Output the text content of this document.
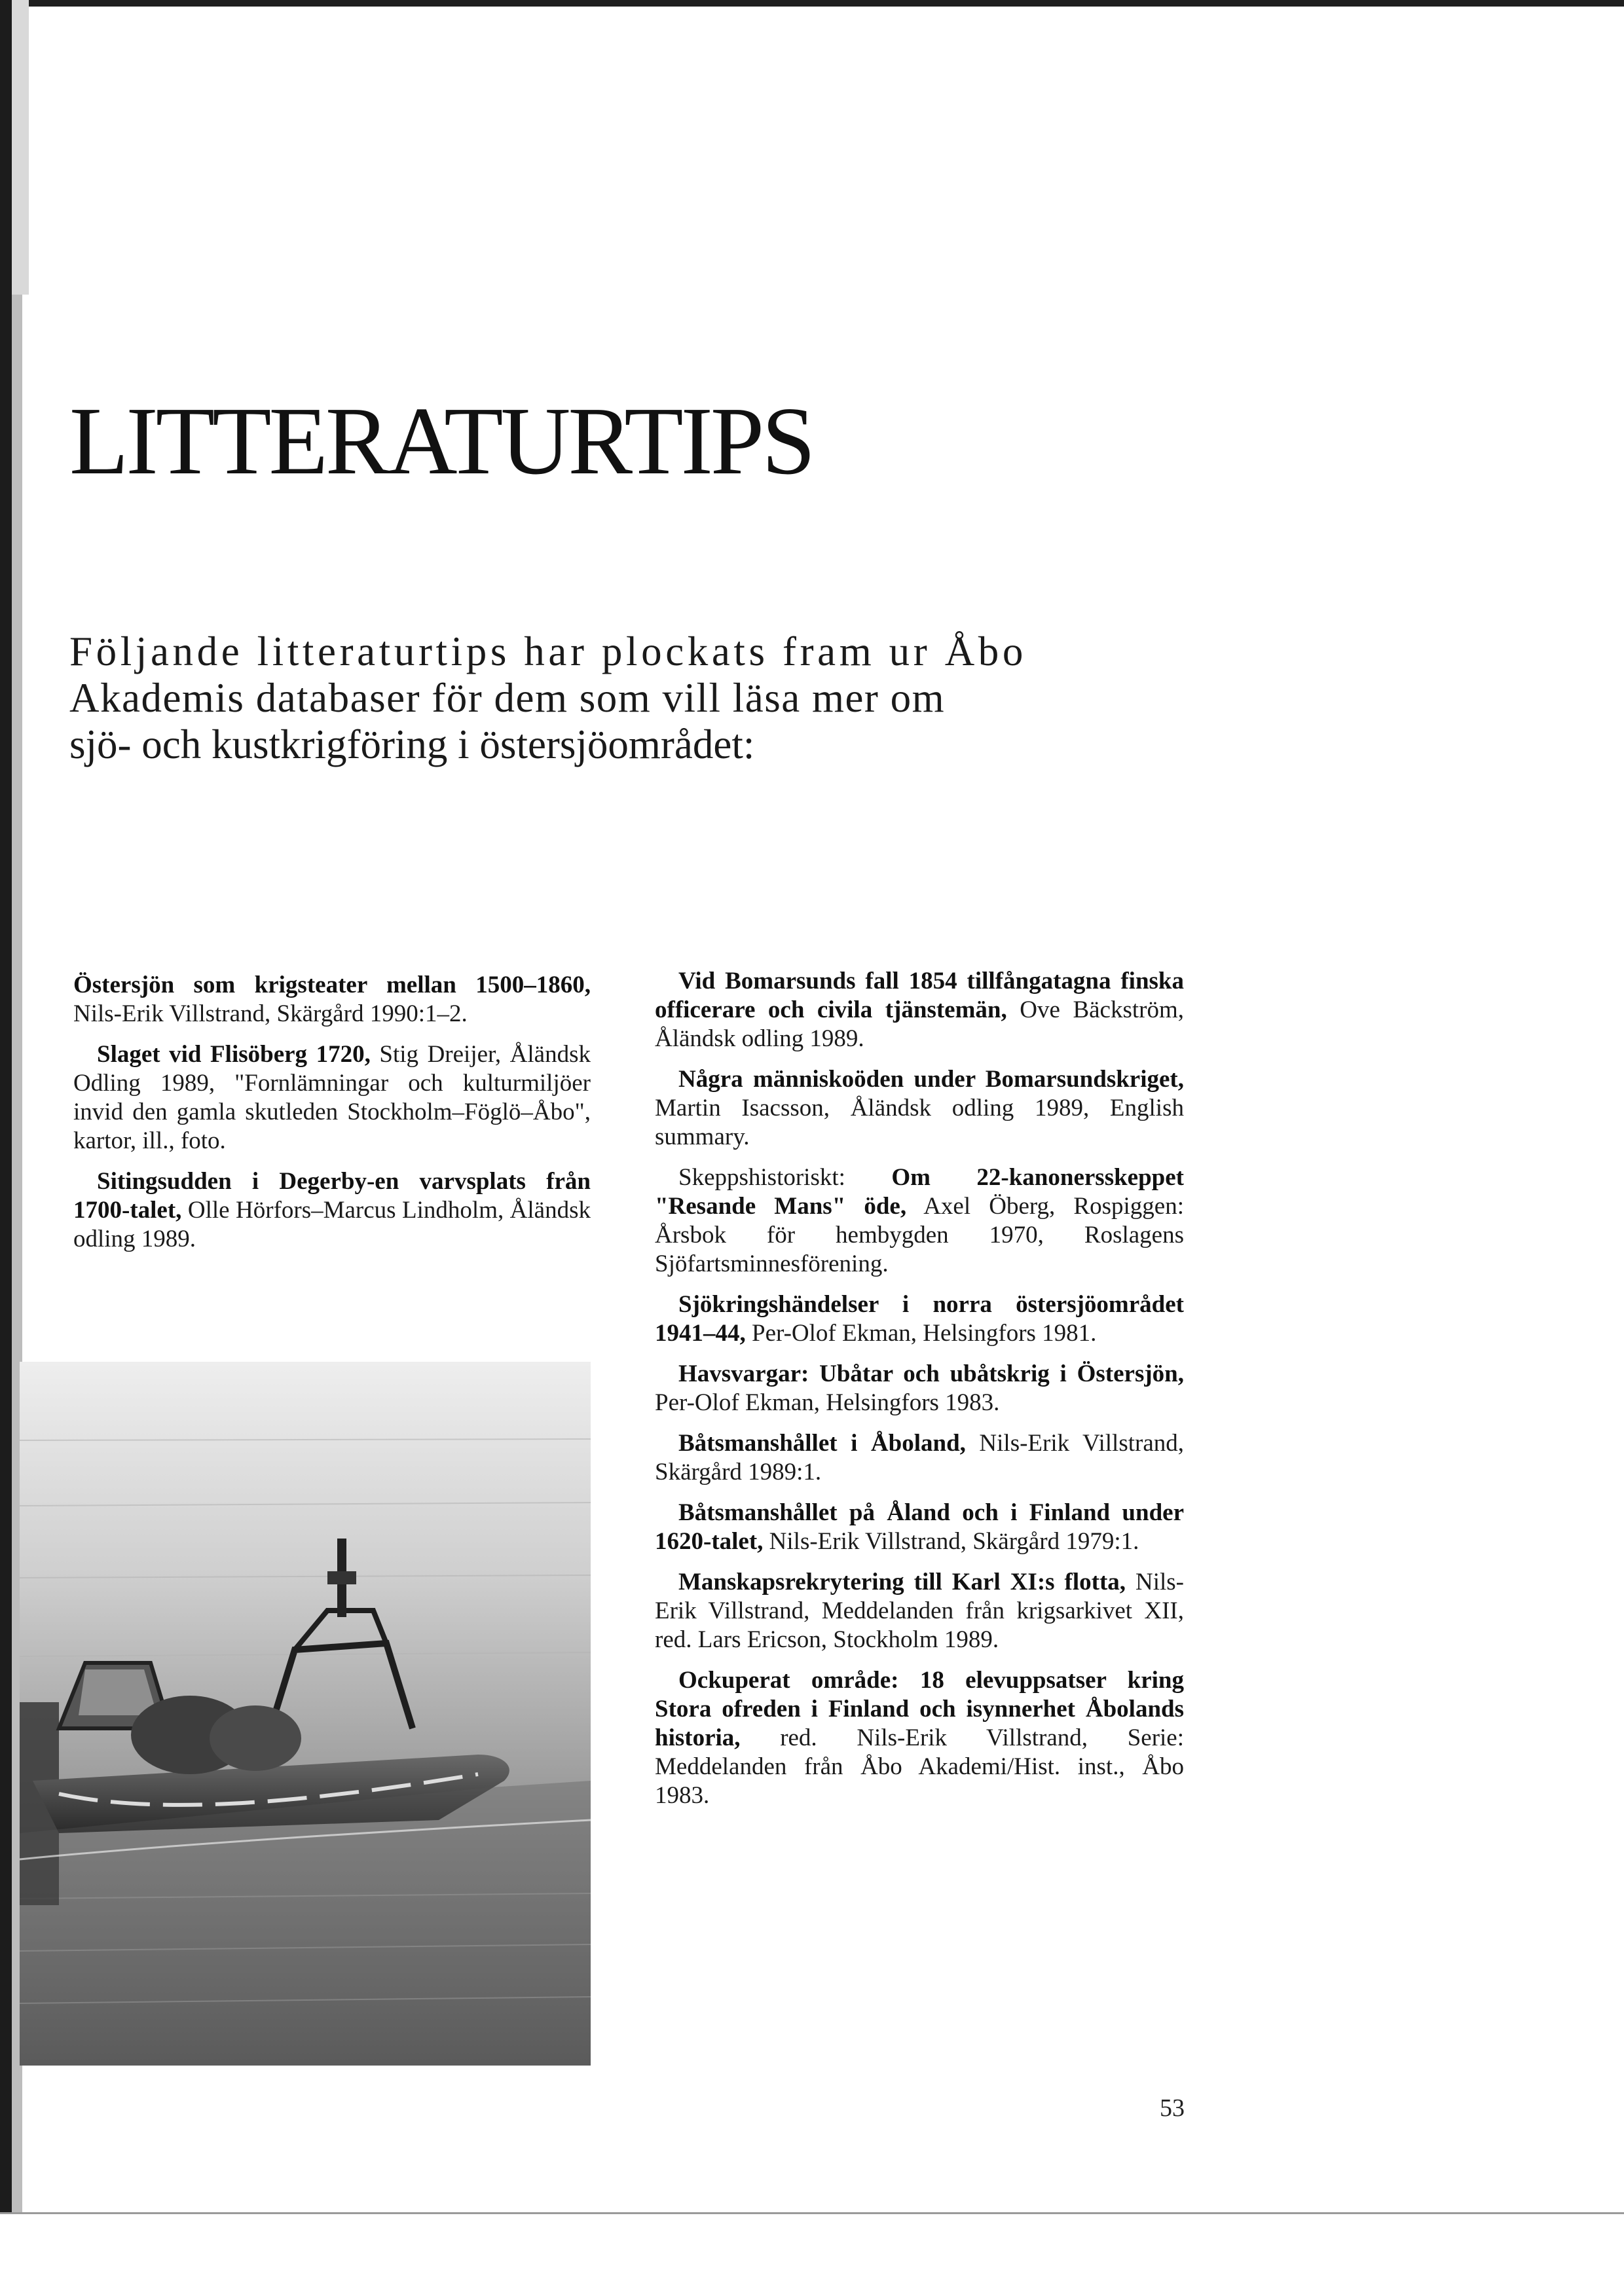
LITTERATURTIPS
Följande litteraturtips har plockats fram ur Åbo
Akademis databaser för dem som vill läsa mer om
sjö- och kustkrigföring i östersjöområdet:

Östersjön som krigsteater mellan 1500–1860, Nils-Erik Villstrand, Skärgård 1990:1–2.

Slaget vid Flisöberg 1720, Stig Dreijer, Åländsk Odling 1989, "Fornlämningar och kulturmiljöer invid den gamla skutleden Stockholm–Föglö–Åbo", kartor, ill., foto.

Sitingsudden i Degerby-en varvsplats från 1700-talet, Olle Hörfors–Marcus Lindholm, Åländsk odling 1989.

Vid Bomarsunds fall 1854 tillfångatagna finska officerare och civila tjänstemän, Ove Bäckström, Åländsk odling 1989.

Några människoöden under Bomarsundskriget, Martin Isacsson, Åländsk odling 1989, English summary.

Skeppshistoriskt: Om 22-kanonersskeppet "Resande Mans" öde, Axel Öberg, Rospiggen: Årsbok för hembygden 1970, Roslagens Sjöfartsminnesförening.

Sjökringshändelser i norra östersjöområdet 1941–44, Per-Olof Ekman, Helsingfors 1981.

Havsvargar: Ubåtar och ubåtskrig i Östersjön, Per-Olof Ekman, Helsingfors 1983.

Båtsmanshållet i Åboland, Nils-Erik Villstrand, Skärgård 1989:1.

Båtsmanshållet på Åland och i Finland under 1620-talet, Nils-Erik Villstrand, Skärgård 1979:1.

Manskapsrekrytering till Karl XI:s flotta, Nils-Erik Villstrand, Meddelanden från krigsarkivet XII, red. Lars Ericson, Stockholm 1989.

Ockuperat område: 18 elevuppsatser kring Stora ofreden i Finland och isynnerhet Åbolands historia, red. Nils-Erik Villstrand, Serie: Meddelanden från Åbo Akademi/Hist. inst., Åbo 1983.

53
